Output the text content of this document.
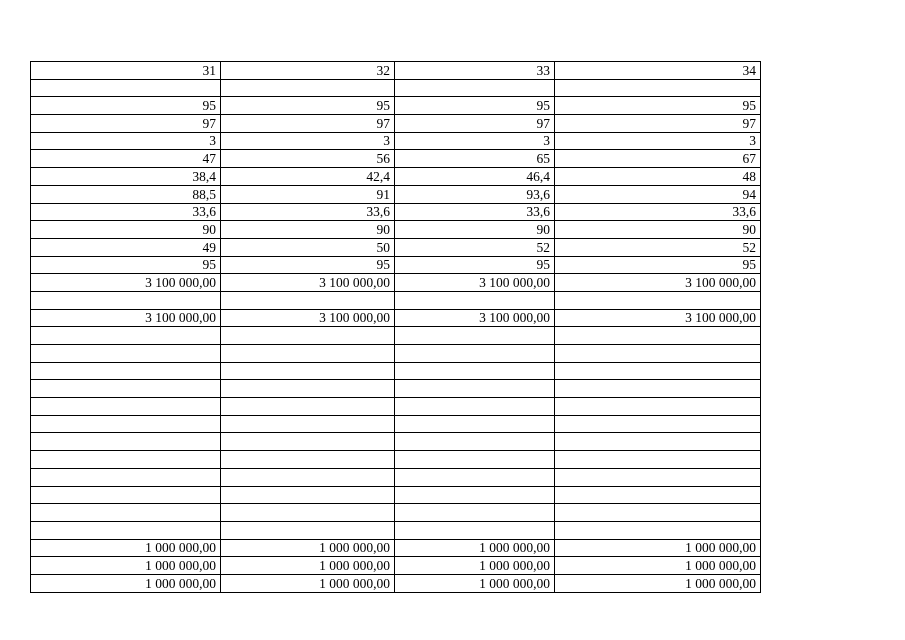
31	32	33	34

95	95	95	95
97	97	97	97
3	3	3	3
47	56	65	67
38,4	42,4	46,4	48
88,5	91	93,6	94
33,6	33,6	33,6	33,6
90	90	90	90
49	50	52	52
95	95	95	95
3 100 000,00	3 100 000,00	3 100 000,00	3 100 000,00

3 100 000,00	3 100 000,00	3 100 000,00	3 100 000,00

1 000 000,00	1 000 000,00	1 000 000,00	1 000 000,00
1 000 000,00	1 000 000,00	1 000 000,00	1 000 000,00
1 000 000,00	1 000 000,00	1 000 000,00	1 000 000,00
